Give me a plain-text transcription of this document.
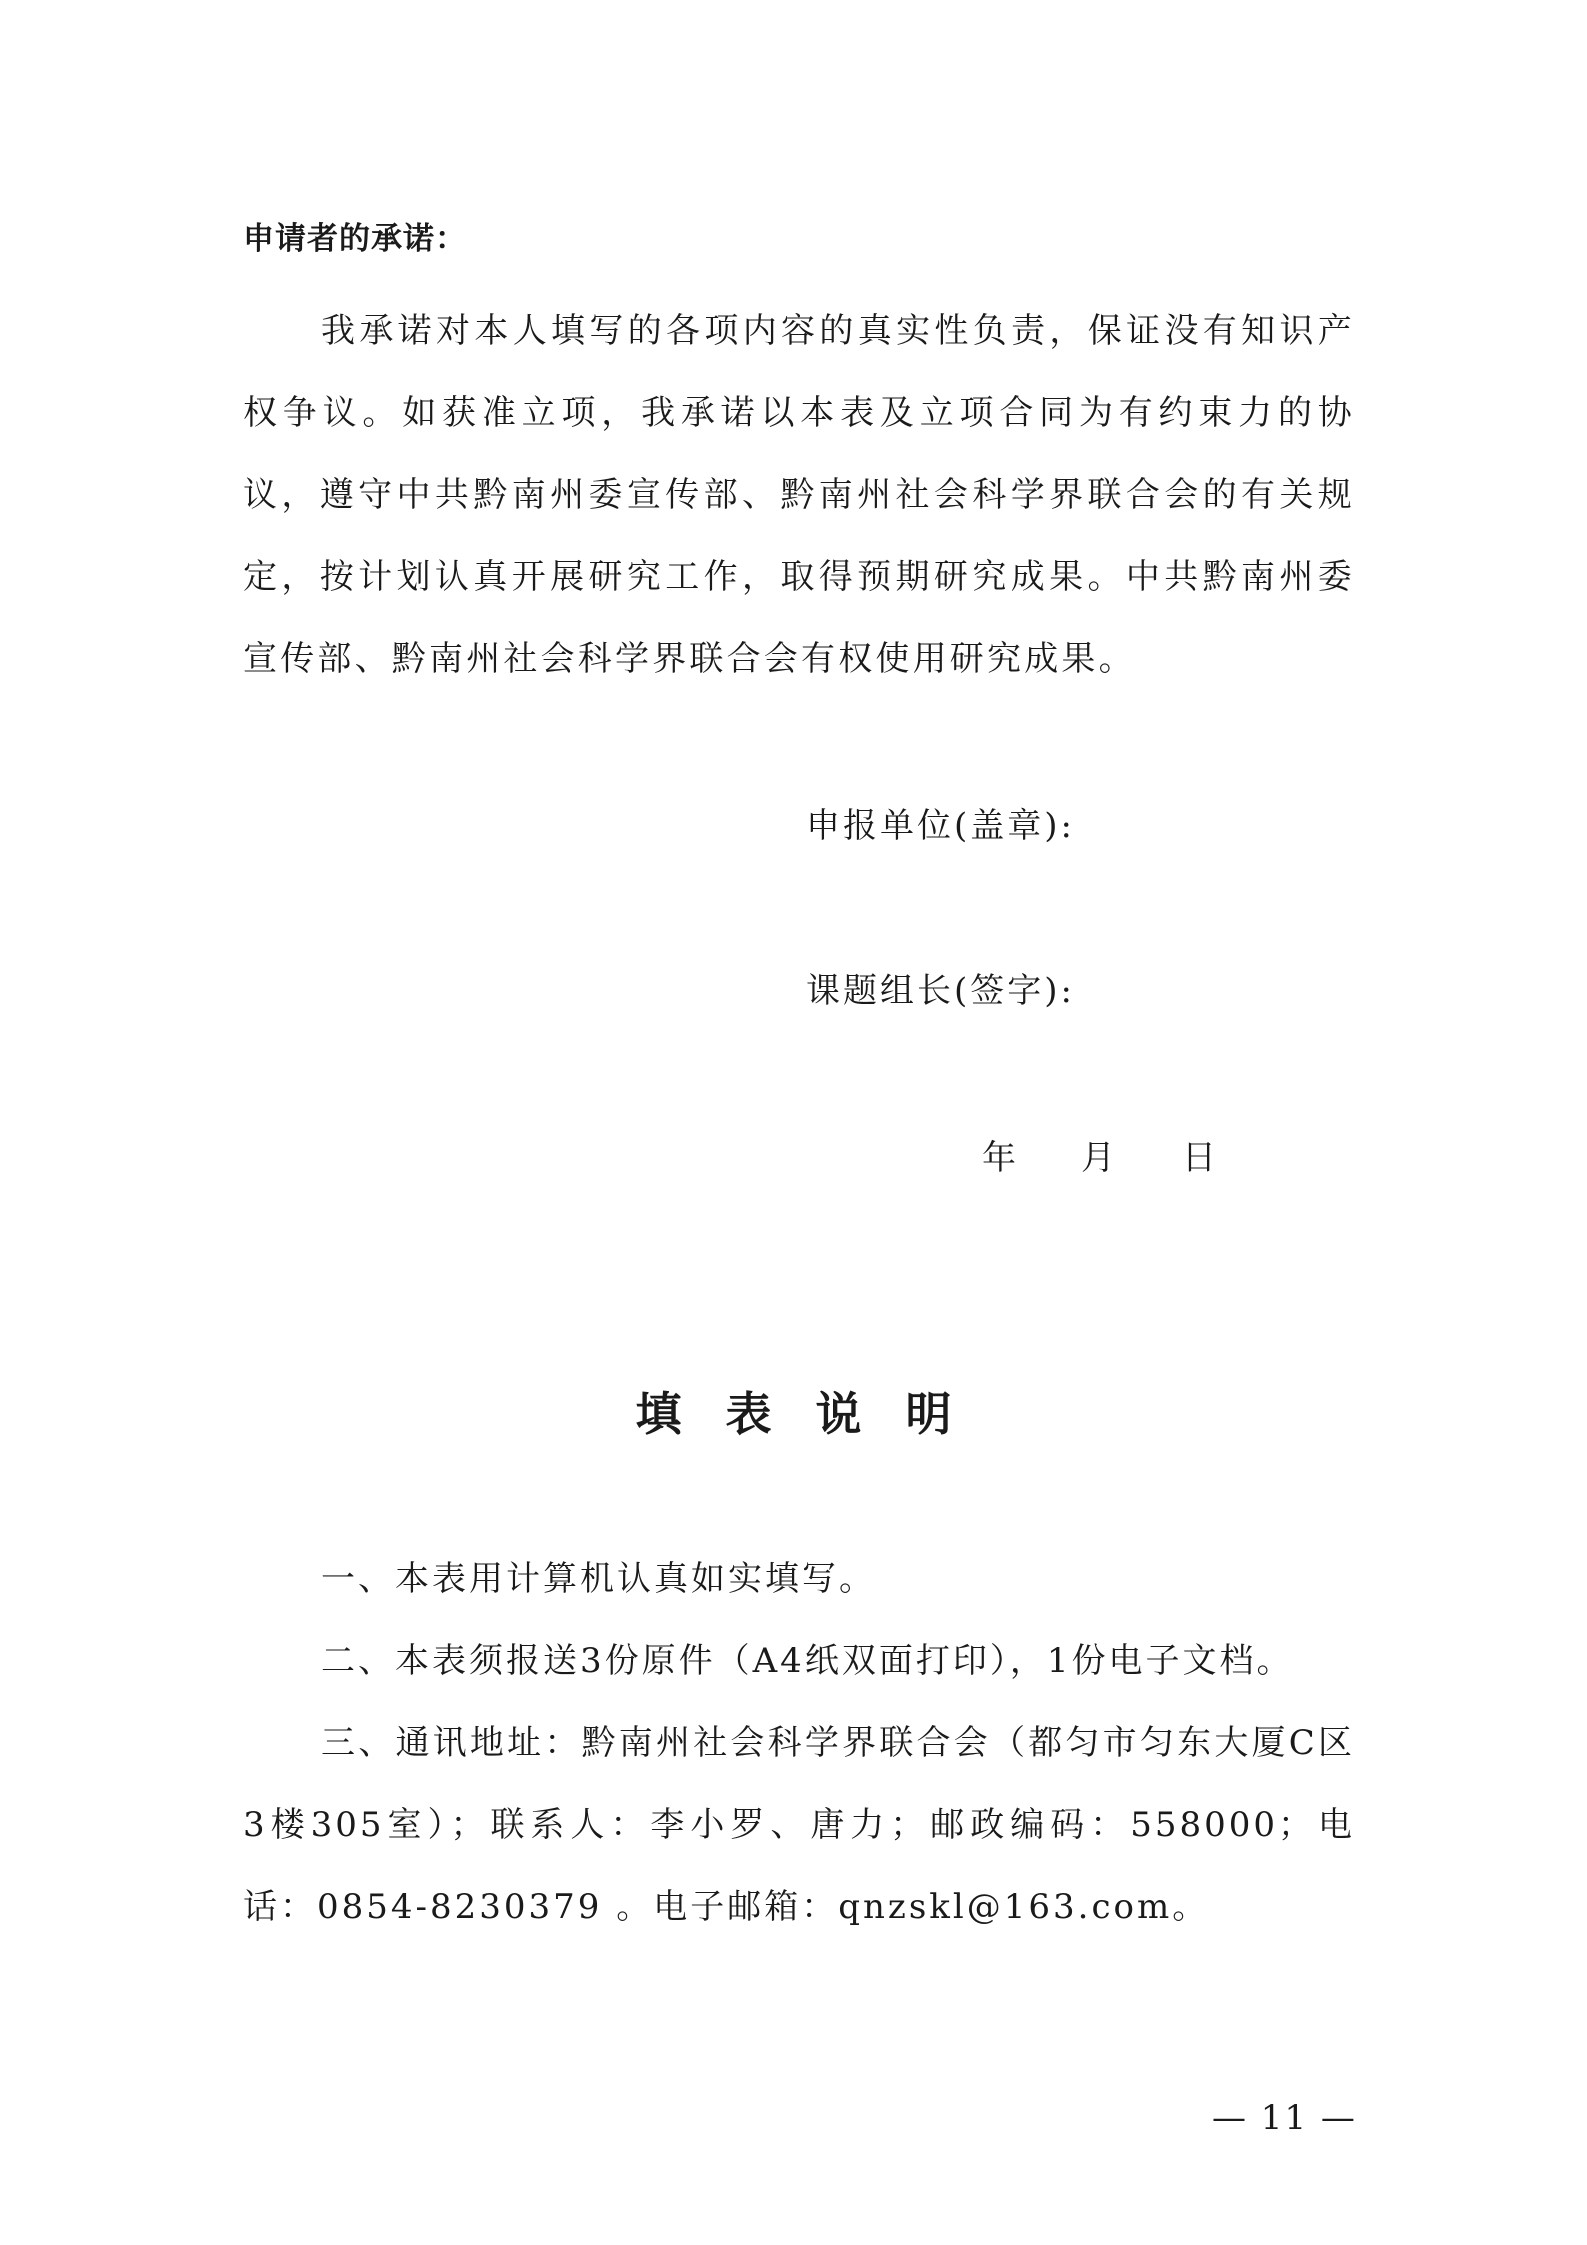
申请者的承诺：

我承诺对本人填写的各项内容的真实性负责，保证没有知识产权争议。如获准立项，我承诺以本表及立项合同为有约束力的协议，遵守中共黔南州委宣传部、黔南州社会科学界联合会的有关规定，按计划认真开展研究工作，取得预期研究成果。中共黔南州委宣传部、黔南州社会科学界联合会有权使用研究成果。

申报单位(盖章):
课题组长(签字):
年 月 日
填表说明

一、本表用计算机认真如实填写。

二、本表须报送3份原件（A4纸双面打印），1份电子文档。

三、通讯地址：黔南州社会科学界联合会（都匀市匀东大厦C区3楼305室）；联系人：李小罗、唐力；邮政编码：558000；电话：0854-8230379 。电子邮箱：qnzskl@163.com。

— 11 —
